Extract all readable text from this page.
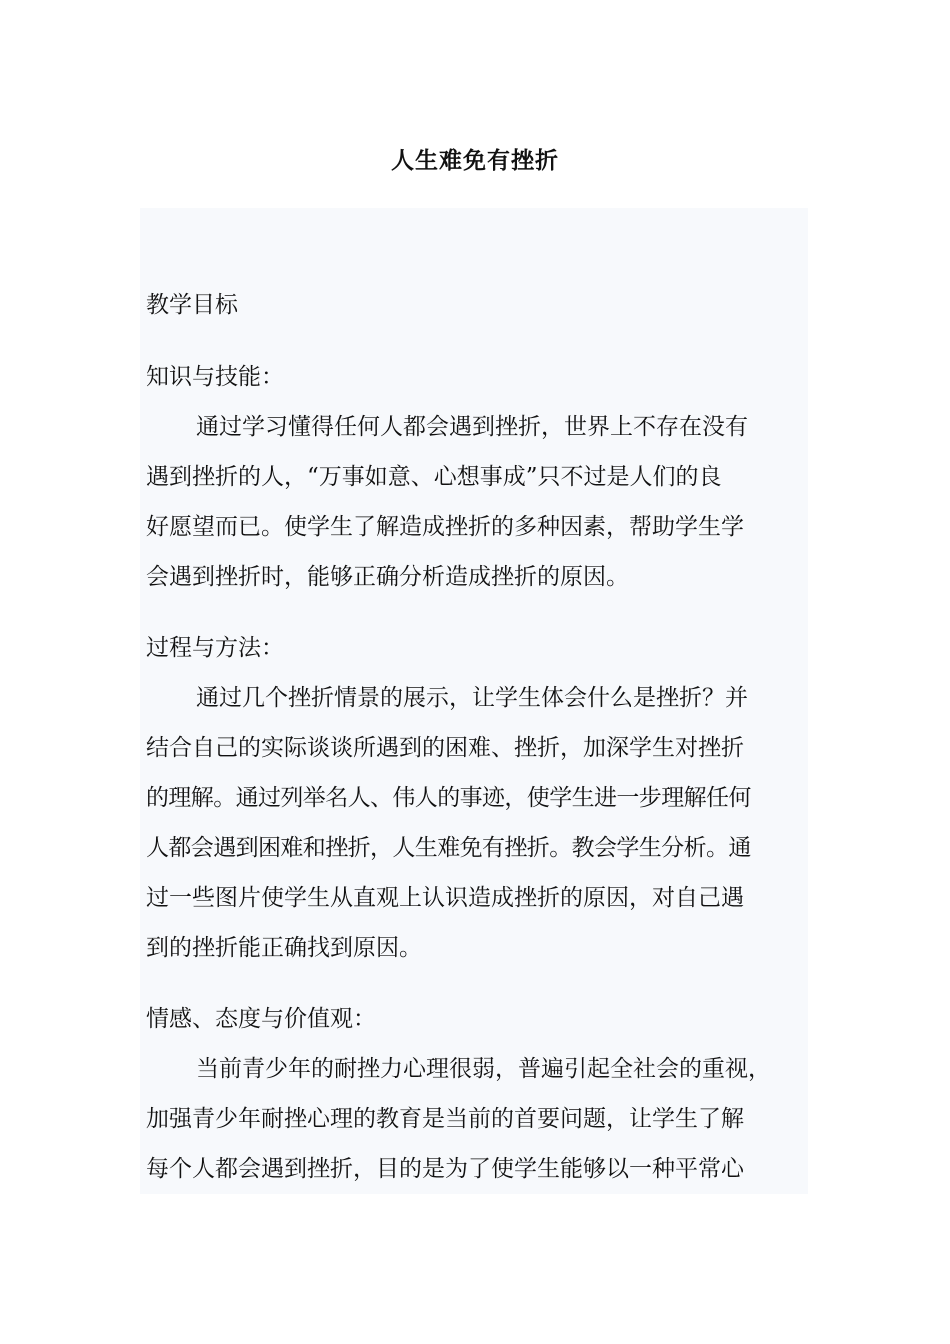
人生难免有挫折
教学目标
知识与技能：
通过学习懂得任何人都会遇到挫折，世界上不存在没有
遇到挫折的人，“万事如意、心想事成”只不过是人们的良
好愿望而已。使学生了解造成挫折的多种因素，帮助学生学
会遇到挫折时，能够正确分析造成挫折的原因。
过程与方法：
通过几个挫折情景的展示，让学生体会什么是挫折？并
结合自己的实际谈谈所遇到的困难、挫折，加深学生对挫折
的理解。通过列举名人、伟人的事迹，使学生进一步理解任何
人都会遇到困难和挫折，人生难免有挫折。教会学生分析。通
过一些图片使学生从直观上认识造成挫折的原因，对自己遇
到的挫折能正确找到原因。
情感、态度与价值观：
当前青少年的耐挫力心理很弱，普遍引起全社会的重视，
加强青少年耐挫心理的教育是当前的首要问题，让学生了解
每个人都会遇到挫折，目的是为了使学生能够以一种平常心
